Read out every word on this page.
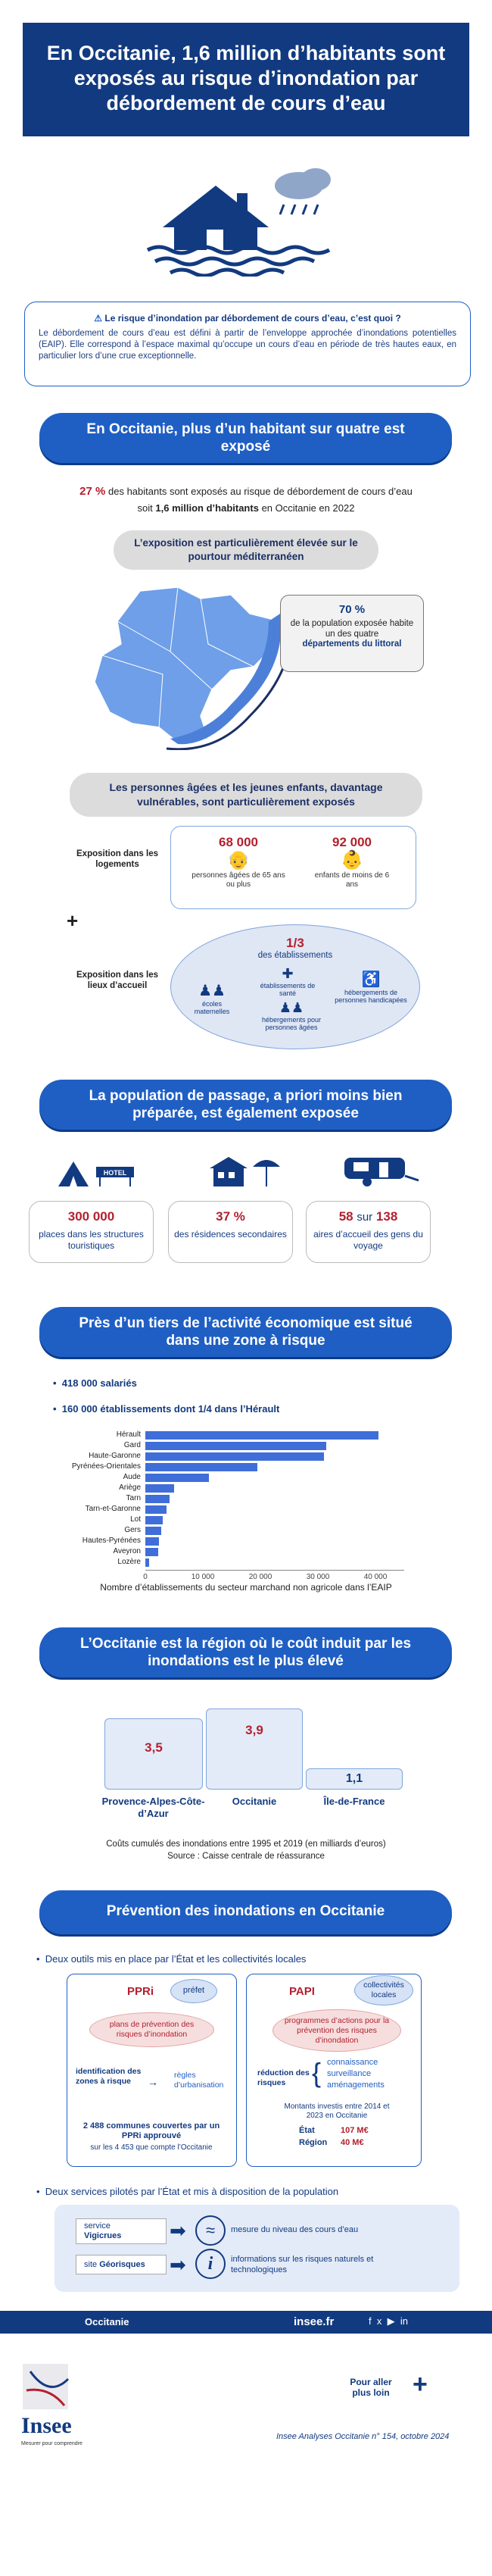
En Occitanie, 1,6 million d’habitants sont exposés au risque d’inondation par débordement de cours d’eau
⚠ Le risque d’inondation par débordement de cours d’eau, c’est quoi ?
Le débordement de cours d’eau est défini à partir de l’enveloppe approchée d’inondations potentielles (EAIP). Elle correspond à l’espace maximal qu’occupe un cours d’eau en période de très hautes eaux, en particulier lors d’une crue exceptionnelle.
En Occitanie, plus d’un habitant sur quatre est exposé
27 % des habitants sont exposés au risque de débordement de cours d’eau
soit 1,6 million d’habitants en Occitanie en 2022
L’exposition est particulièrement élevée sur le pourtour méditerranéen
70 %
de la population exposée habite un des quatre
départements du littoral
Les personnes âgées et les jeunes enfants, davantage vulnérables, sont particulièrement exposés
Exposition dans les logements
68 000
👴
personnes âgées de 65 ans ou plus
92 000
👶
enfants de moins de 6 ans
+
Exposition dans les lieux d’accueil
1/3
des établissements
♟♟
écoles maternelles
✚
établissements de santé
♿
hébergements de personnes handicapées
♟♟
hébergements pour personnes âgées
La population de passage, a priori moins bien préparée, est également exposée
HOTEL
300 000
places dans les structures touristiques
37 %
des résidences secondaires
58 sur 138
aires d’accueil des gens du voyage
Près d’un tiers de l’activité économique est situé dans une zone à risque
•  418 000 salariés
•  160 000 établissements dont 1/4 dans l’Hérault
Hérault
Gard
Haute-Garonne
Pyrénées-Orientales
Aude
Ariège
Tarn
Tarn-et-Garonne
Lot
Gers
Hautes-Pyrénées
Aveyron
Lozère
0	10 000	20 000	30 000	40 000
Nombre d’établissements du secteur marchand non agricole dans l’EAIP
L’Occitanie est la région où le coût induit par les inondations est le plus élevé
3,5
3,9
1,1
Provence-Alpes-Côte-d’Azur
Occitanie	Île-de-France
Coûts cumulés des inondations entre 1995 et 2019 (en milliards d’euros)
Source : Caisse centrale de réassurance
Prévention des inondations en Occitanie
•  Deux outils mis en place par l’État et les collectivités locales
PPRi	préfet
plans de prévention des risques d’inondation
identification des zones à risque	→
règles d’urbanisation
2 488 communes couvertes par un PPRi approuvé
sur les 4 453 que compte l’Occitanie
PAPI	collectivités locales
programmes d’actions pour la prévention des risques d’inondation
réduction des risques { connaissance
surveillance
aménagements
Montants investis entre 2014 et 2023 en Occitanie
État	107 M€
Région 40 M€
•  Deux services pilotés par l’État et mis à disposition de la population
service
Vigicrues	➡	≈	mesure du niveau des cours d’eau
site Géorisques	➡	i	informations sur les risques naturels et technologiques
Occitanie	insee.fr	f x ▶ in
Insee
Mesurer pour comprendre
Pour aller plus loin +
Insee Analyses Occitanie n° 154, octobre 2024
